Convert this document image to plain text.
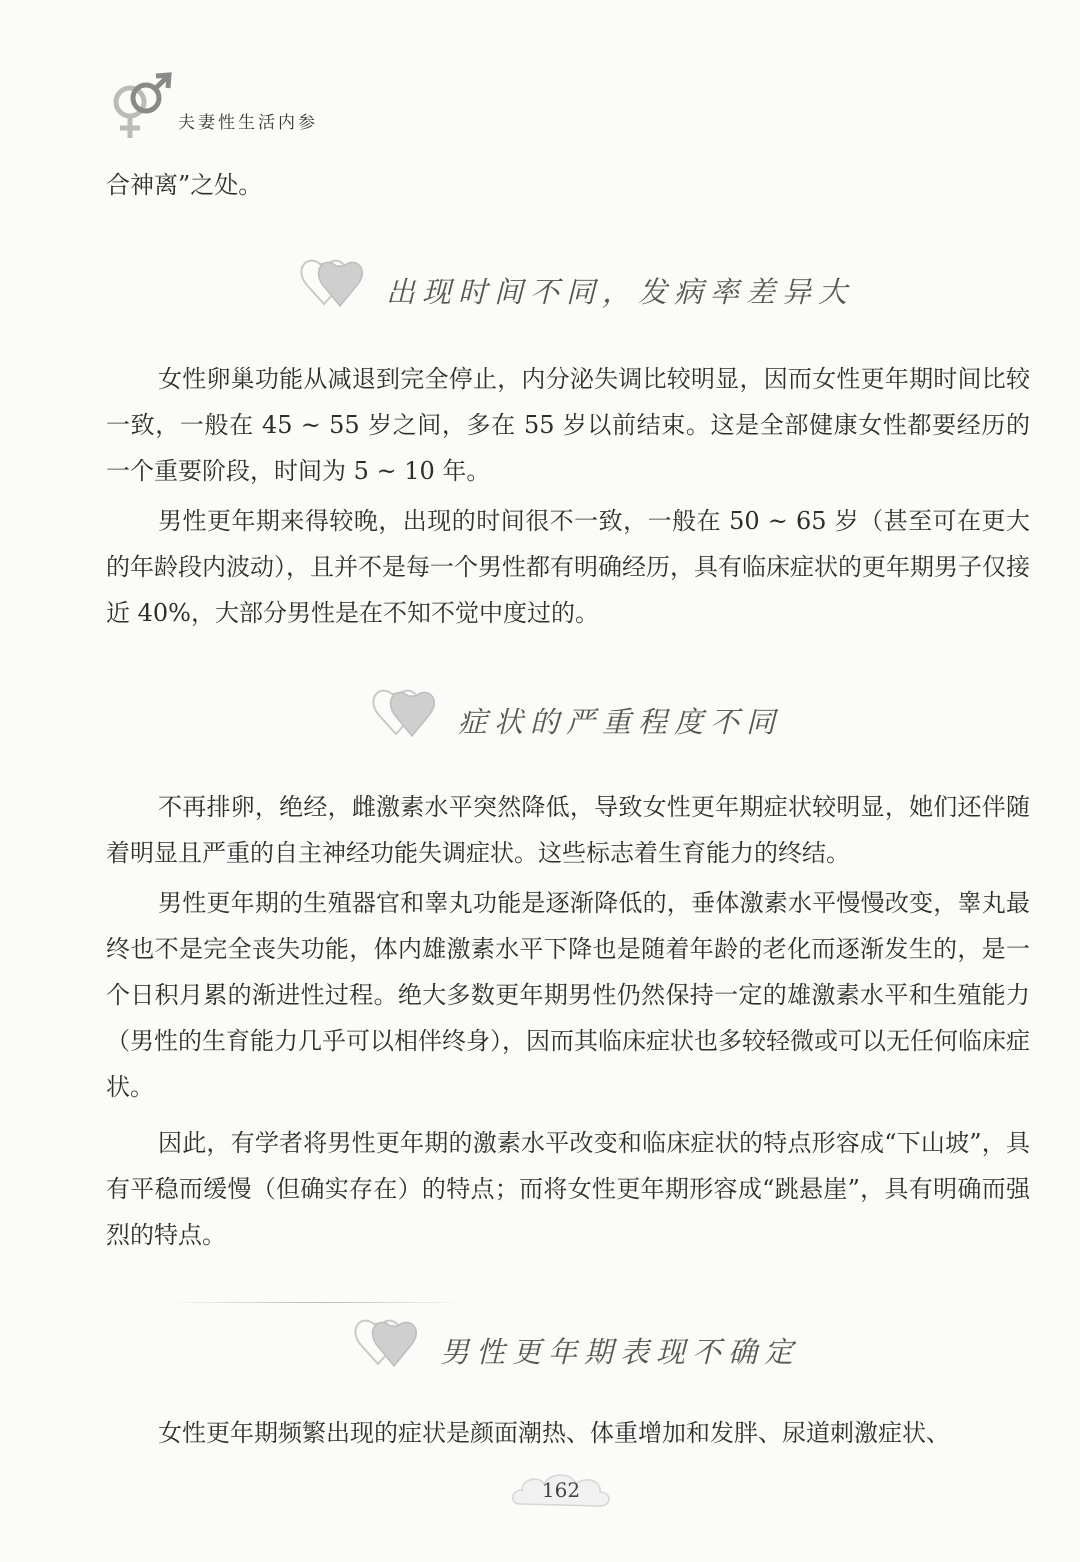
夫妻性生活内参

合神离”之处。

出现时间不同，发病率差异大

女性卵巢功能从减退到完全停止，内分泌失调比较明显，因而女性更年期时间比较一致，一般在 45 ~ 55 岁之间，多在 55 岁以前结束。这是全部健康女性都要经历的一个重要阶段，时间为 5 ~ 10 年。

男性更年期来得较晚，出现的时间很不一致，一般在 50 ~ 65 岁（甚至可在更大的年龄段内波动），且并不是每一个男性都有明确经历，具有临床症状的更年期男子仅接近 40%，大部分男性是在不知不觉中度过的。

症状的严重程度不同

不再排卵，绝经，雌激素水平突然降低，导致女性更年期症状较明显，她们还伴随着明显且严重的自主神经功能失调症状。这些标志着生育能力的终结。

男性更年期的生殖器官和睾丸功能是逐渐降低的，垂体激素水平慢慢改变，睾丸最终也不是完全丧失功能，体内雄激素水平下降也是随着年龄的老化而逐渐发生的，是一个日积月累的渐进性过程。绝大多数更年期男性仍然保持一定的雄激素水平和生殖能力（男性的生育能力几乎可以相伴终身），因而其临床症状也多较轻微或可以无任何临床症状。

因此，有学者将男性更年期的激素水平改变和临床症状的特点形容成“下山坡”，具有平稳而缓慢（但确实存在）的特点；而将女性更年期形容成“跳悬崖”，具有明确而强烈的特点。

男性更年期表现不确定

女性更年期频繁出现的症状是颜面潮热、体重增加和发胖、尿道刺激症状、

162
